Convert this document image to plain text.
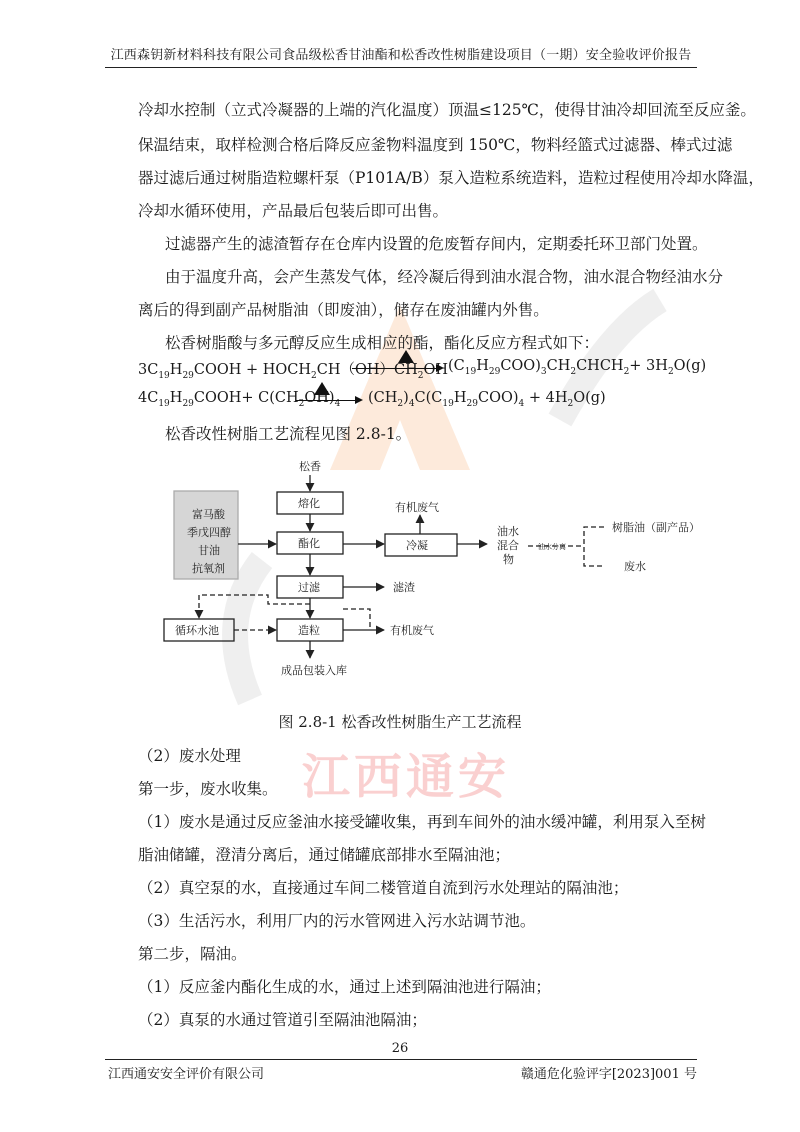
江西通安
江西森钥新材料科技有限公司食品级松香甘油酯和松香改性树脂建设项目（一期）安全验收评价报告
冷却水控制（立式冷凝器的上端的汽化温度）顶温≤125℃，使得甘油冷却回流至反应釜。
保温结束，取样检测合格后降反应釜物料温度到 150℃，物料经篮式过滤器、棒式过滤
器过滤后通过树脂造粒螺杆泵（P101A/B）泵入造粒系统造料，造粒过程使用冷却水降温，
冷却水循环使用，产品最后包装后即可出售。
过滤器产生的滤渣暂存在仓库内设置的危废暂存间内，定期委托环卫部门处置。
由于温度升高，会产生蒸发气体，经冷凝后得到油水混合物，油水混合物经油水分
离后的得到副产品树脂油（即废油），储存在废油罐内外售。
松香树脂酸与多元醇反应生成相应的酯，酯化反应方程式如下：
$3C_{19}H_{29}COOH$ + $HOCH_2CH(OH)CH_2OH$ $(C_{19}H_{29}COO)_3CH_2CHCH_2+ 3H_2O(g)$
$4C_{19}H_{29}COOH+ C(CH_2OH)_4$ $(CH_2)_4C(C_{19}H_{29}COO)_4 + 4H_2O(g)$
松香改性树脂工艺流程见图 2.8-1。
松香
富马酸
季戊四醇
甘油
抗氧剂
熔化
酯化
过滤
造粒
冷凝
循环水池
有机废气
滤渣
有机废气
成品包装入库
油水
混合
物
油水分离
树脂油（副产品）
废水
图 2.8-1 松香改性树脂生产工艺流程
（2）废水处理
第一步，废水收集。
（1）废水是通过反应釜油水接受罐收集，再到车间外的油水缓冲罐，利用泵入至树
脂油储罐，澄清分离后，通过储罐底部排水至隔油池；
（2）真空泵的水，直接通过车间二楼管道自流到污水处理站的隔油池；
（3）生活污水，利用厂内的污水管网进入污水站调节池。
第二步，隔油。
（1）反应釜内酯化生成的水，通过上述到隔油池进行隔油；
（2）真泵的水通过管道引至隔油池隔油；
26
江西通安安全评价有限公司	赣通危化验评字[2023]001 号
